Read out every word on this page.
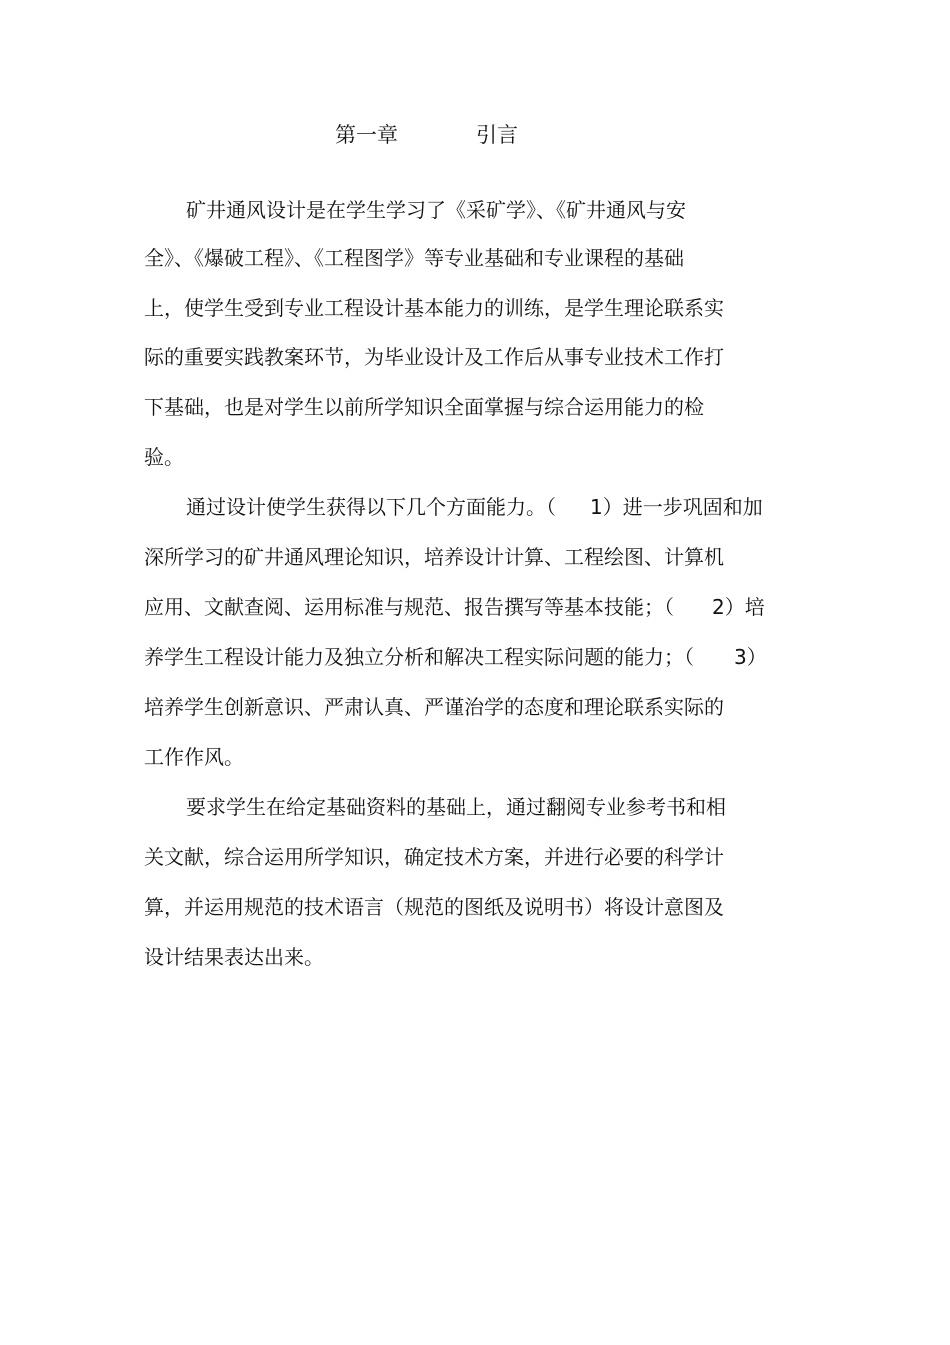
第一章	引言
矿井通风设计是在学生学习了《采矿学》、《矿井通风与安
全》、《爆破工程》、《工程图学》等专业基础和专业课程的基础
上，使学生受到专业工程设计基本能力的训练，是学生理论联系实
际的重要实践教案环节，为毕业设计及工作后从事专业技术工作打
下基础，也是对学生以前所学知识全面掌握与综合运用能力的检
验。
通过设计使学生获得以下几个方面能力。（ 1）进一步巩固和加
深所学习的矿井通风理论知识，培养设计计算、工程绘图、计算机
应用、文献查阅、运用标准与规范、报告撰写等基本技能；（ 2）培
养学生工程设计能力及独立分析和解决工程实际问题的能力；（ 3）
培养学生创新意识、严肃认真、严谨治学的态度和理论联系实际的
工作作风。
要求学生在给定基础资料的基础上，通过翻阅专业参考书和相
关文献，综合运用所学知识，确定技术方案，并进行必要的科学计
算，并运用规范的技术语言（规范的图纸及说明书）将设计意图及
设计结果表达出来。
